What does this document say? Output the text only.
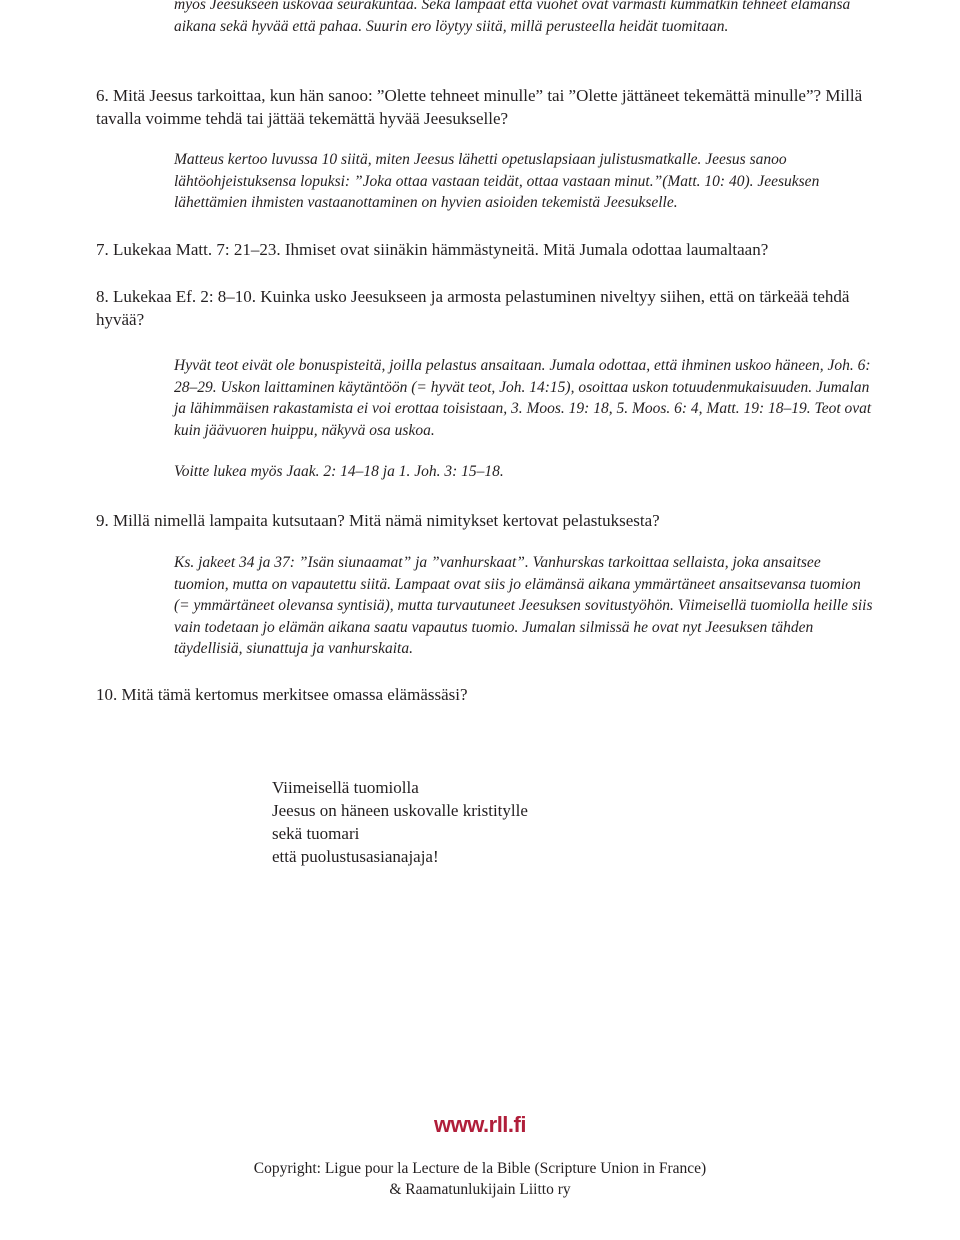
myös Jeesukseen uskovaa seurakuntaa. Sekä lampaat että vuohet ovat varmasti kummatkin tehneet elämänsä aikana sekä hyvää että pahaa. Suurin ero löytyy siitä, millä perusteella heidät tuomitaan.

6. Mitä Jeesus tarkoittaa, kun hän sanoo: ”Olette tehneet minulle” tai ”Olette jättäneet tekemättä minulle”? Millä tavalla voimme tehdä tai jättää tekemättä hyvää Jeesukselle?

Matteus kertoo luvussa 10 siitä, miten Jeesus lähetti opetuslapsiaan julistusmatkalle. Jeesus sanoo lähtöohjeistuksensa lopuksi: ”Joka ottaa vastaan teidät, ottaa vastaan minut.”(Matt. 10: 40). Jeesuksen lähettämien ihmisten vastaanottaminen on hyvien asioiden tekemistä Jeesukselle.

7. Lukekaa Matt. 7: 21–23. Ihmiset ovat siinäkin hämmästyneitä. Mitä Jumala odottaa laumaltaan?

8. Lukekaa Ef. 2: 8–10. Kuinka usko Jeesukseen ja armosta pelastuminen niveltyy siihen, että on tärkeää tehdä hyvää?

Hyvät teot eivät ole bonuspisteitä, joilla pelastus ansaitaan. Jumala odottaa, että ihminen uskoo häneen, Joh. 6: 28–29. Uskon laittaminen käytäntöön (= hyvät teot, Joh. 14:15), osoittaa uskon totuudenmukaisuuden. Jumalan ja lähimmäisen rakastamista ei voi erottaa toisistaan, 3. Moos. 19: 18, 5. Moos. 6: 4, Matt. 19: 18–19. Teot ovat kuin jäävuoren huippu, näkyvä osa uskoa.

Voitte lukea myös Jaak. 2: 14–18 ja 1. Joh. 3: 15–18.

9. Millä nimellä lampaita kutsutaan? Mitä nämä nimitykset kertovat pelastuksesta?

Ks. jakeet 34 ja 37: ”Isän siunaamat” ja ”vanhurskaat”. Vanhurskas tarkoittaa sellaista, joka ansaitsee tuomion, mutta on vapautettu siitä. Lampaat ovat siis jo elämänsä aikana ymmärtäneet ansaitsevansa tuomion (= ymmärtäneet olevansa syntisiä), mutta turvautuneet Jeesuksen sovitustyöhön. Viimeisellä tuomiolla heille siis vain todetaan jo elämän aikana saatu vapautus tuomio. Jumalan silmissä he ovat nyt Jeesuksen tähden täydellisiä, siunattuja ja vanhurskaita.

10. Mitä tämä kertomus merkitsee omassa elämässäsi?

Viimeisellä tuomiolla
Jeesus on häneen uskovalle kristitylle
sekä tuomari
että puolustusasianajaja!
www.rll.fi
Copyright: Ligue pour la Lecture de la Bible (Scripture Union in France)
& Raamatunlukijain Liitto ry
